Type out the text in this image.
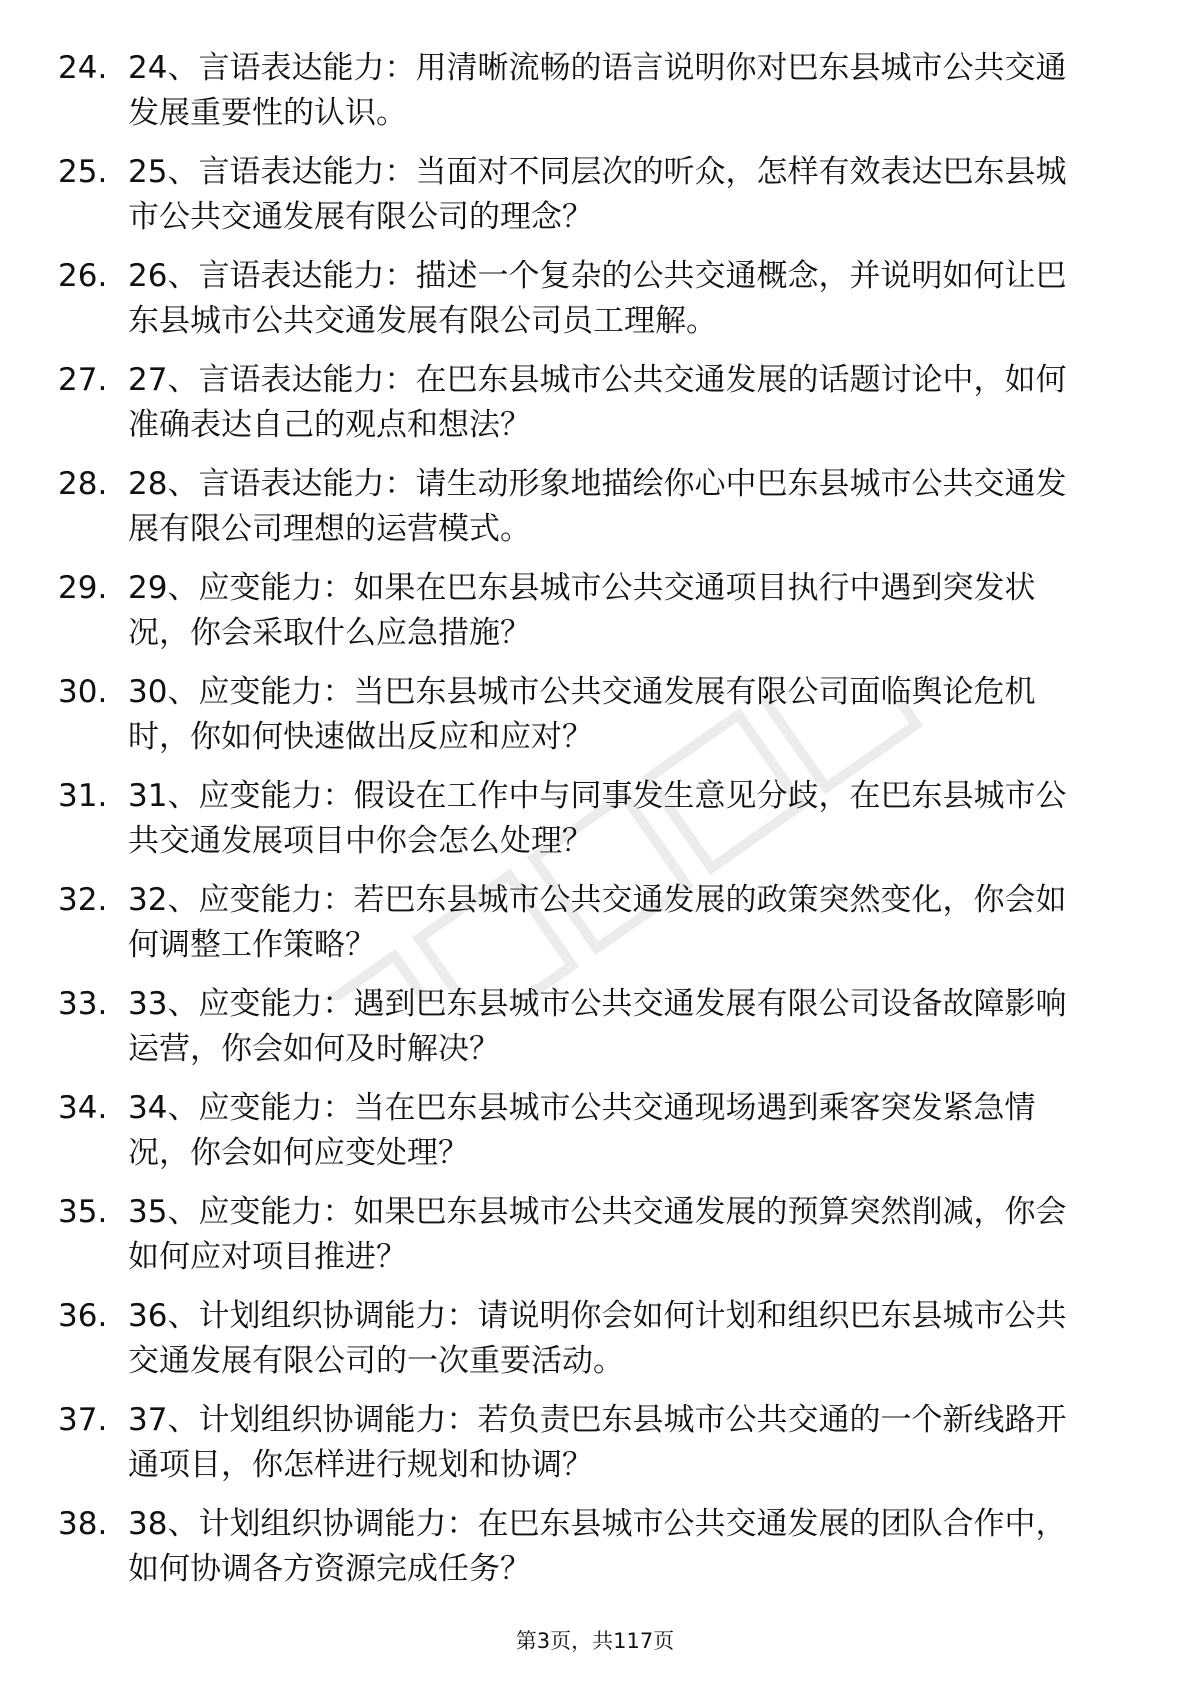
24. 24、言语表达能力：用清晰流畅的语言说明你对巴东县城市公共交通发展重要性的认识。
25. 25、言语表达能力：当面对不同层次的听众，怎样有效表达巴东县城市公共交通发展有限公司的理念？
26. 26、言语表达能力：描述一个复杂的公共交通概念，并说明如何让巴东县城市公共交通发展有限公司员工理解。
27. 27、言语表达能力：在巴东县城市公共交通发展的话题讨论中，如何准确表达自己的观点和想法？
28. 28、言语表达能力：请生动形象地描绘你心中巴东县城市公共交通发展有限公司理想的运营模式。
29. 29、应变能力：如果在巴东县城市公共交通项目执行中遇到突发状况，你会采取什么应急措施？
30. 30、应变能力：当巴东县城市公共交通发展有限公司面临舆论危机时，你如何快速做出反应和应对？
31. 31、应变能力：假设在工作中与同事发生意见分歧，在巴东县城市公共交通发展项目中你会怎么处理？
32. 32、应变能力：若巴东县城市公共交通发展的政策突然变化，你会如何调整工作策略？
33. 33、应变能力：遇到巴东县城市公共交通发展有限公司设备故障影响运营，你会如何及时解决？
34. 34、应变能力：当在巴东县城市公共交通现场遇到乘客突发紧急情况，你会如何应变处理？
35. 35、应变能力：如果巴东县城市公共交通发展的预算突然削减，你会如何应对项目推进？
36. 36、计划组织协调能力：请说明你会如何计划和组织巴东县城市公共交通发展有限公司的一次重要活动。
37. 37、计划组织协调能力：若负责巴东县城市公共交通的一个新线路开通项目，你怎样进行规划和协调？
38. 38、计划组织协调能力：在巴东县城市公共交通发展的团队合作中，如何协调各方资源完成任务？
第3页，共117页
